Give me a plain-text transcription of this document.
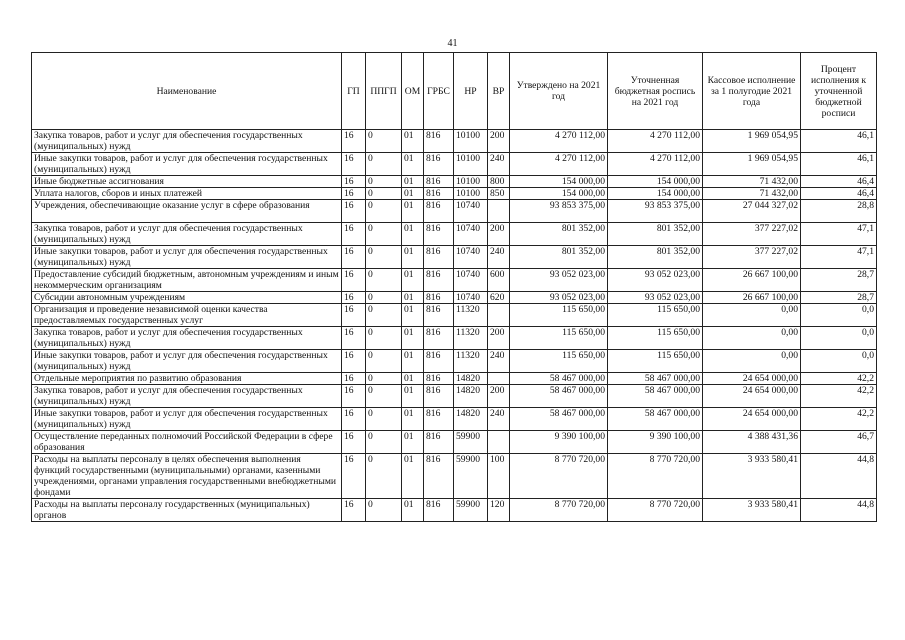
41
Наименование	ГП	ППГП	ОМ	ГРБС	НР	ВР	Утверждено на 2021 год	Уточненная бюджетная роспись на 2021 год	Кассовое исполнение за 1 полугодие 2021 года	Процент исполнения к уточненной бюджетной росписи
Закупка товаров, работ и услуг для обеспечения государственных (муниципальных) нужд	16	0	01	816	10100	200	4 270 112,00	4 270 112,00	1 969 054,95	46,1
Иные закупки товаров, работ и услуг для обеспечения государственных (муниципальных) нужд	16	0	01	816	10100	240	4 270 112,00	4 270 112,00	1 969 054,95	46,1
Иные бюджетные ассигнования	16	0	01	816	10100	800	154 000,00	154 000,00	71 432,00	46,4
Уплата налогов, сборов и иных платежей	16	0	01	816	10100	850	154 000,00	154 000,00	71 432,00	46,4
Учреждения, обеспечивающие оказание услуг в сфере образования	16	0	01	816	10740		93 853 375,00	93 853 375,00	27 044 327,02	28,8
Закупка товаров, работ и услуг для обеспечения государственных (муниципальных) нужд	16	0	01	816	10740	200	801 352,00	801 352,00	377 227,02	47,1
Иные закупки товаров, работ и услуг для обеспечения государственных (муниципальных) нужд	16	0	01	816	10740	240	801 352,00	801 352,00	377 227,02	47,1
Предоставление субсидий бюджетным, автономным учреждениям и иным некоммерческим организациям	16	0	01	816	10740	600	93 052 023,00	93 052 023,00	26 667 100,00	28,7
Субсидии автономным учреждениям	16	0	01	816	10740	620	93 052 023,00	93 052 023,00	26 667 100,00	28,7
Организация и проведение независимой оценки качества предоставляемых государственных услуг	16	0	01	816	11320		115 650,00	115 650,00	0,00	0,0
Закупка товаров, работ и услуг для обеспечения государственных (муниципальных) нужд	16	0	01	816	11320	200	115 650,00	115 650,00	0,00	0,0
Иные закупки товаров, работ и услуг для обеспечения государственных (муниципальных) нужд	16	0	01	816	11320	240	115 650,00	115 650,00	0,00	0,0
Отдельные мероприятия по развитию образования	16	0	01	816	14820		58 467 000,00	58 467 000,00	24 654 000,00	42,2
Закупка товаров, работ и услуг для обеспечения государственных (муниципальных) нужд	16	0	01	816	14820	200	58 467 000,00	58 467 000,00	24 654 000,00	42,2
Иные закупки товаров, работ и услуг для обеспечения государственных (муниципальных) нужд	16	0	01	816	14820	240	58 467 000,00	58 467 000,00	24 654 000,00	42,2
Осуществление переданных полномочий Российской Федерации в сфере образования	16	0	01	816	59900		9 390 100,00	9 390 100,00	4 388 431,36	46,7
Расходы на выплаты персоналу в целях обеспечения выполнения функций государственными (муниципальными) органами, казенными учреждениями, органами управления государственными внебюджетными фондами	16	0	01	816	59900	100	8 770 720,00	8 770 720,00	3 933 580,41	44,8
Расходы на выплаты персоналу государственных (муниципальных) органов	16	0	01	816	59900	120	8 770 720,00	8 770 720,00	3 933 580,41	44,8
